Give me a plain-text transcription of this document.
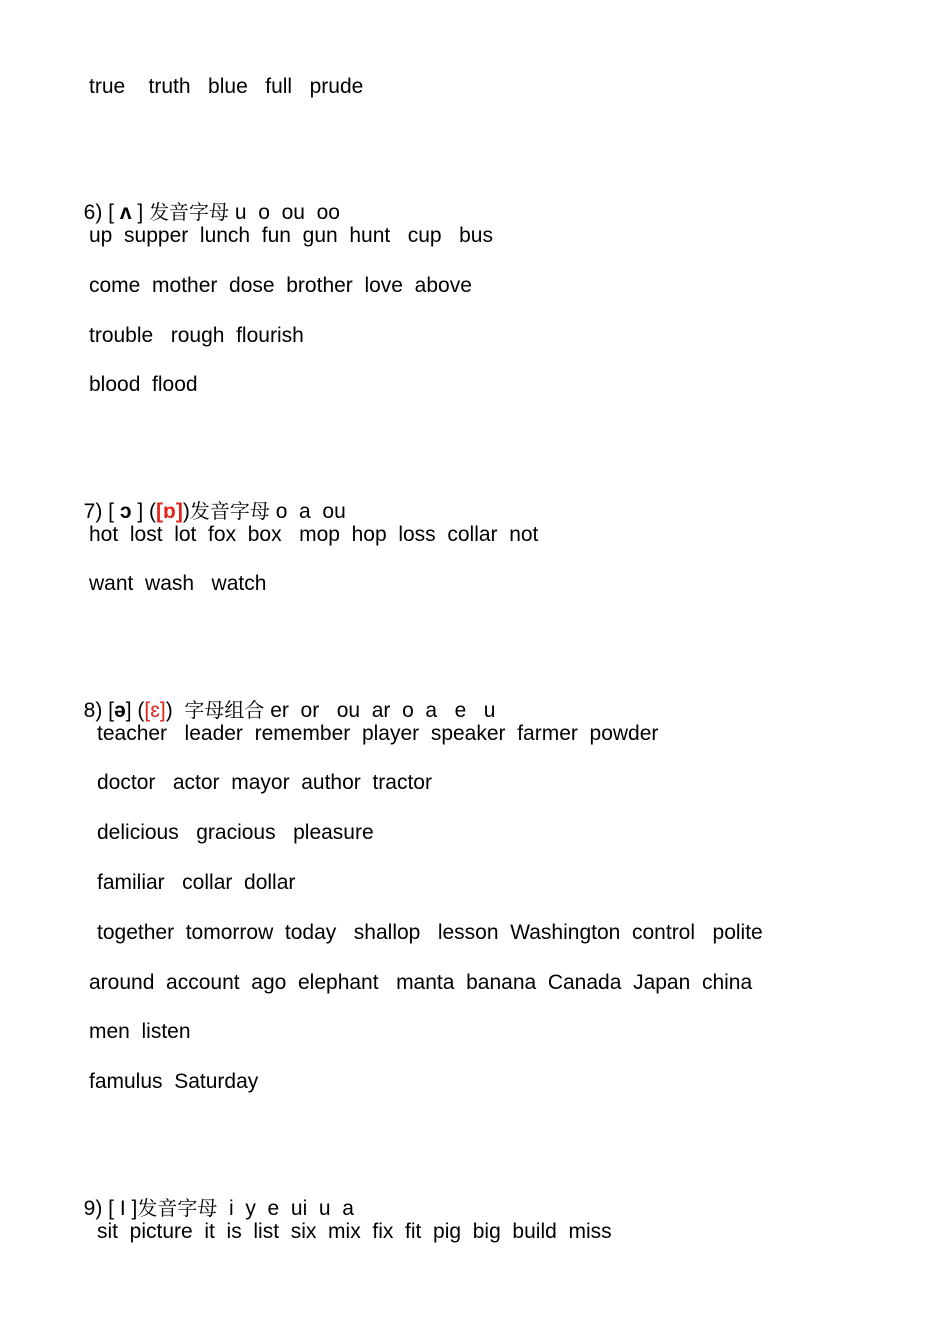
true    truth   blue   full   prude

6) [ ʌ ] 发音字母 u  o  ou  oo

up  supper  lunch  fun  gun  hunt   cup   bus
come  mother  dose  brother  love  above
trouble   rough  flourish
blood  flood

7) [ ɔ ] ([ɒ])发音字母 o  a  ou

hot  lost  lot  fox  box   mop  hop  loss  collar  not
want  wash   watch

8) [ə] ([ɛ])  字母组合 er  or   ou  ar  o  a   e   u

teacher   leader  remember  player  speaker  farmer  powder
doctor   actor  mayor  author  tractor
delicious   gracious   pleasure
familiar   collar  dollar
together  tomorrow  today   shallop   lesson  Washington  control   polite
around  account  ago  elephant   manta  banana  Canada  Japan  china
men  listen
famulus  Saturday

9) [ I ]发音字母  i  y  e  ui  u  a

sit  picture  it  is  list  six  mix  fix  fit  pig  big  build  miss
